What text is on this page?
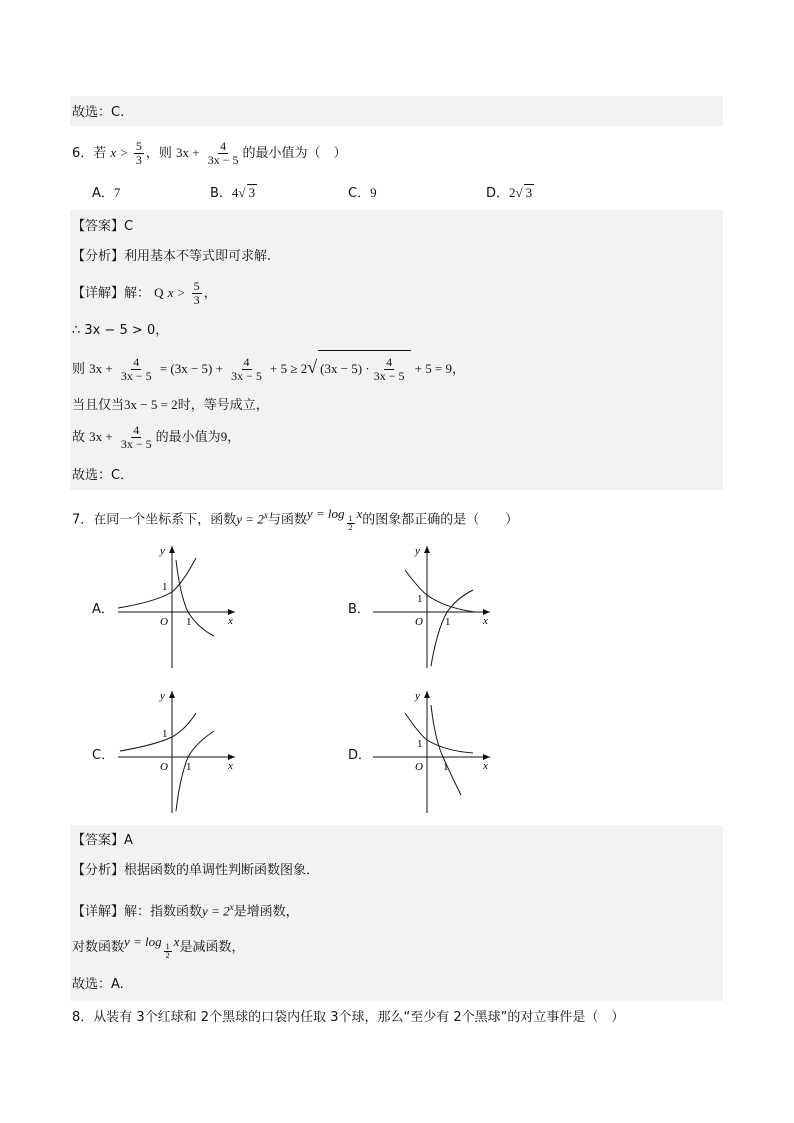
故选：C.
6．若 $x > \frac{5}{3}$ ，则 $3x + \frac{4}{3x - 5}$ 的最小值为（　）
A．7	B．4√ 3	C．9	D．2√ 3
【答案】C
【分析】利用基本不等式即可求解.
【详解】解： Q $x > \frac{5}{3}$ ，
∴ 3x − 5 > 0，
则 $3x + \frac{4}{3x - 5} = (3x - 5) + \frac{4}{3x - 5} + 5 \ge 2√$ $(3x - 5) \cdot \frac{4}{3x - 5} + 5 = 9$，
当且仅当3x − 5 = 2时，等号成立，
故 $3x + \frac{4}{3x - 5}$ 的最小值为9，
故选：C．
7．在同一个坐标系下，函数$y = 2^x$与函数y = log
$\frac{1}{2}$
x的图象都正确的是（　　）
A．	B．
C．	D．
x
y
O
1
1	x
y
O
1
1
x
y
O
1
1	x
y
O
1
1
【答案】A
【分析】根据函数的单调性判断函数图象．
【详解】解：指数函数$y = 2^x$是增函数，
对数函数y = log
$\frac{1}{2}$
x是减函数，
故选：A.
8．从装有 3个红球和 2个黑球的口袋内任取 3个球，那么“至少有 2个黑球”的对立事件是（　）
